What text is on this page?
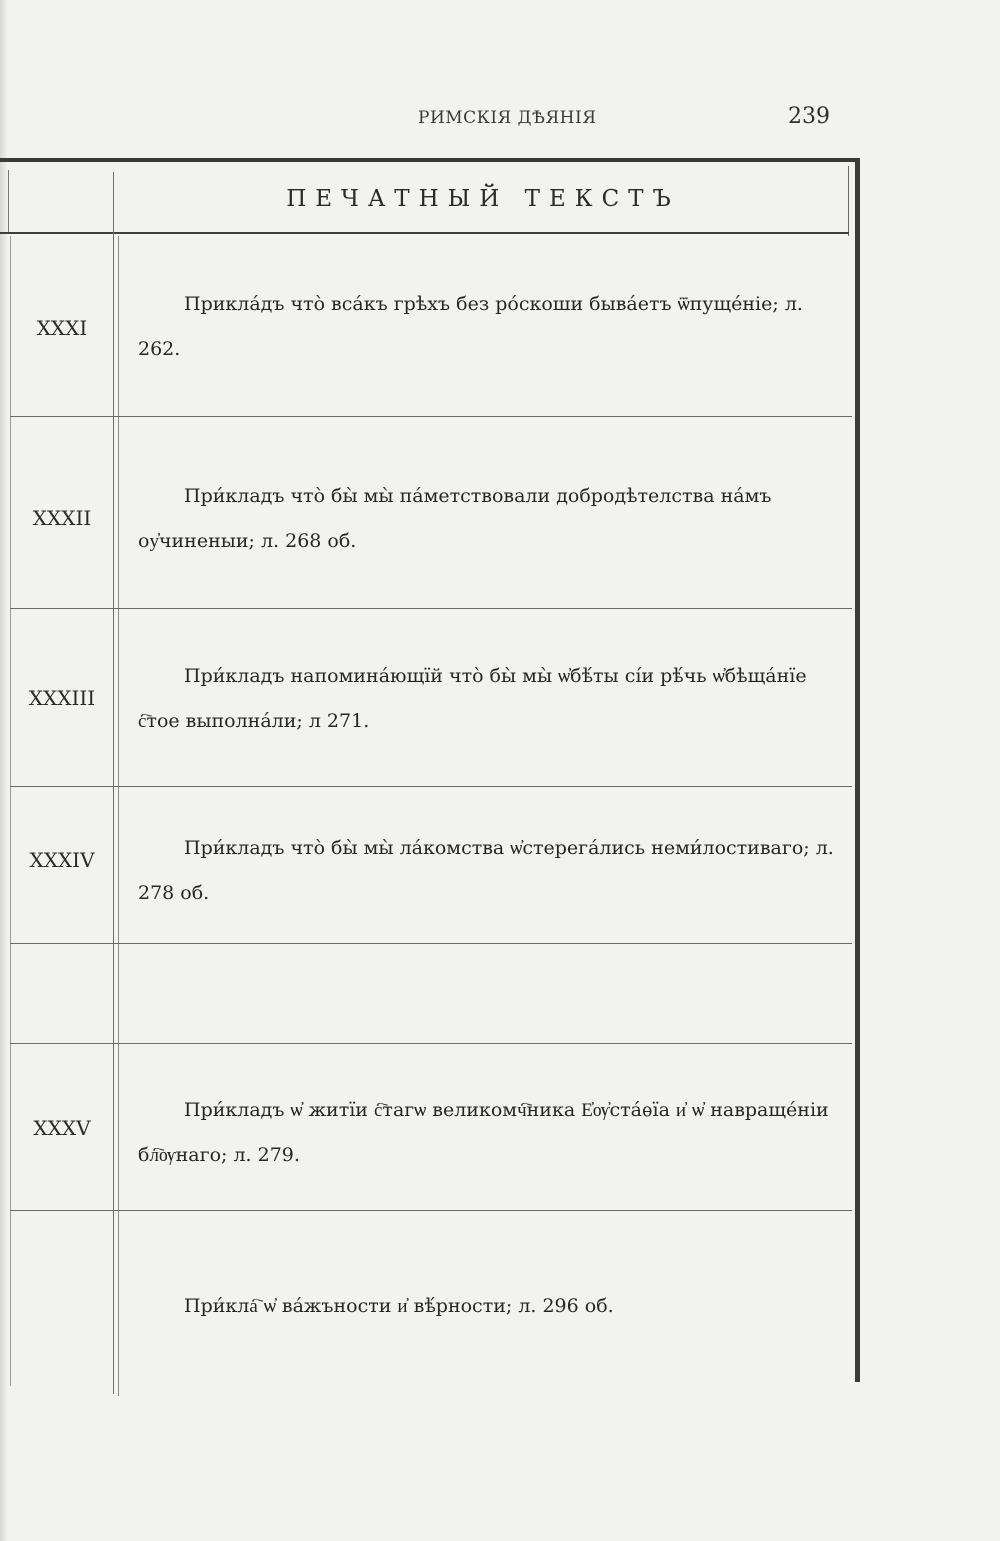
РИМСКІЯ ДѢЯНІЯ	239
ПЕЧАТНЫЙ ТЕКСТЪ
XXXI
Прикла́дъ что̀ вса́къ грѣхъ без ро́скоши быва́етъ ѿпуще́ніе; л. 262.
XXXII
При́кладъ что̀ бы̀ мы̀ па́метствовали добродѣтелства на́мъ оу҆чиненыи; л. 268 об.
XXXIII
При́кладъ напомина́ющїй что̀ бы̀ мы̀ ѡ҆бѣ́ты сі́и рѣ́чь ѡ҆бѣща́нїе с҇тое выполна́ли; л 271.
XXXIV	При́кладъ что̀ бы̀ мы̀ ла́комства ѡ҆стерега́лись неми́лостиваго; л. 278 об.
XXXV
При́кладъ ѡ҆ житїи с҇тагѡ великомч҇ника Е҆ѹ҆ста́ѳїа и҆ ѡ҆ навраще́ніи бл҇ѹнаго; л. 279.
При́кла҇ ѡ҆ ва́жъности и҆ вѣ́рности; л. 296 об.
